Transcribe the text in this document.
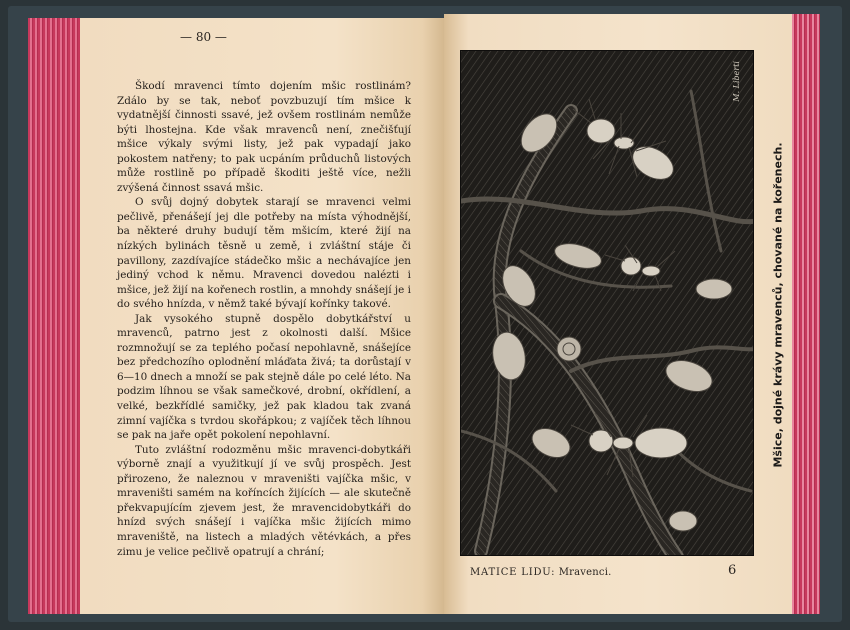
— 80 —

Škodí mravenci tímto dojením mšic rostlinám? Zdálo by se tak, neboť povzbuzují tím mšice k vydatnější činnosti ssavé, jež ovšem rostlinám nemůže býti lhostejna. Kde však mravenců není, znečišťují mšice výkaly svými listy, jež pak vypadají jako pokostem natřeny; to pak ucpáním průduchů listových může rostlině po případě škoditi ještě více, nežli zvýšená činnost ssavá mšic.

O svůj dojný dobytek starají se mravenci velmi pečlivě, přenášejí jej dle potřeby na místa výhodnější, ba některé druhy budují těm mšicím, které žijí na nízkých bylinách těsně u země, i zvláštní stáje či pavillony, zazdívajíce stádečko mšic a nechávajíce jen jediný vchod k němu. Mravenci dovedou nalézti i mšice, jež žijí na kořenech rostlin, a mnohdy snášejí je i do svého hnízda, v němž také bývají kořínky takové.

Jak vysokého stupně dospělo dobytkářství u mravenců, patrno jest z okolnosti další. Mšice rozmnožují se za teplého počasí nepohlavně, snášejíce bez předchozího oplodnění mláďata živá; ta dorůstají v 6—10 dnech a množí se pak stejně dále po celé léto. Na podzim líhnou se však samečkové, drobní, okřídlení, a velké, bezkřídlé samičky, jež pak kladou tak zvaná zimní vajíčka s tvrdou skořápkou; z vajíček těch líhnou se pak na jaře opět pokolení nepohlavní.

Tuto zvláštní rodozměnu mšic mravenci-dobytkáři výborně znají a využitkují jí ve svůj prospěch. Jest přirozeno, že naleznou v mraveništi vajíčka mšic, v mraveništi samém na koříncích žijících — ale skutečně překvapujícím zjevem jest, že mravencidobytkáři do hnízd svých snášejí i vajíčka mšic žijících mimo mraveniště, na listech a mladých větévkách, a přes zimu je velice pečlivě opatrují a chrání;

M. Liberti
Mšice, dojné krávy mravenců, chované na kořenech.
MATICE LIDU: Mravenci.	6
